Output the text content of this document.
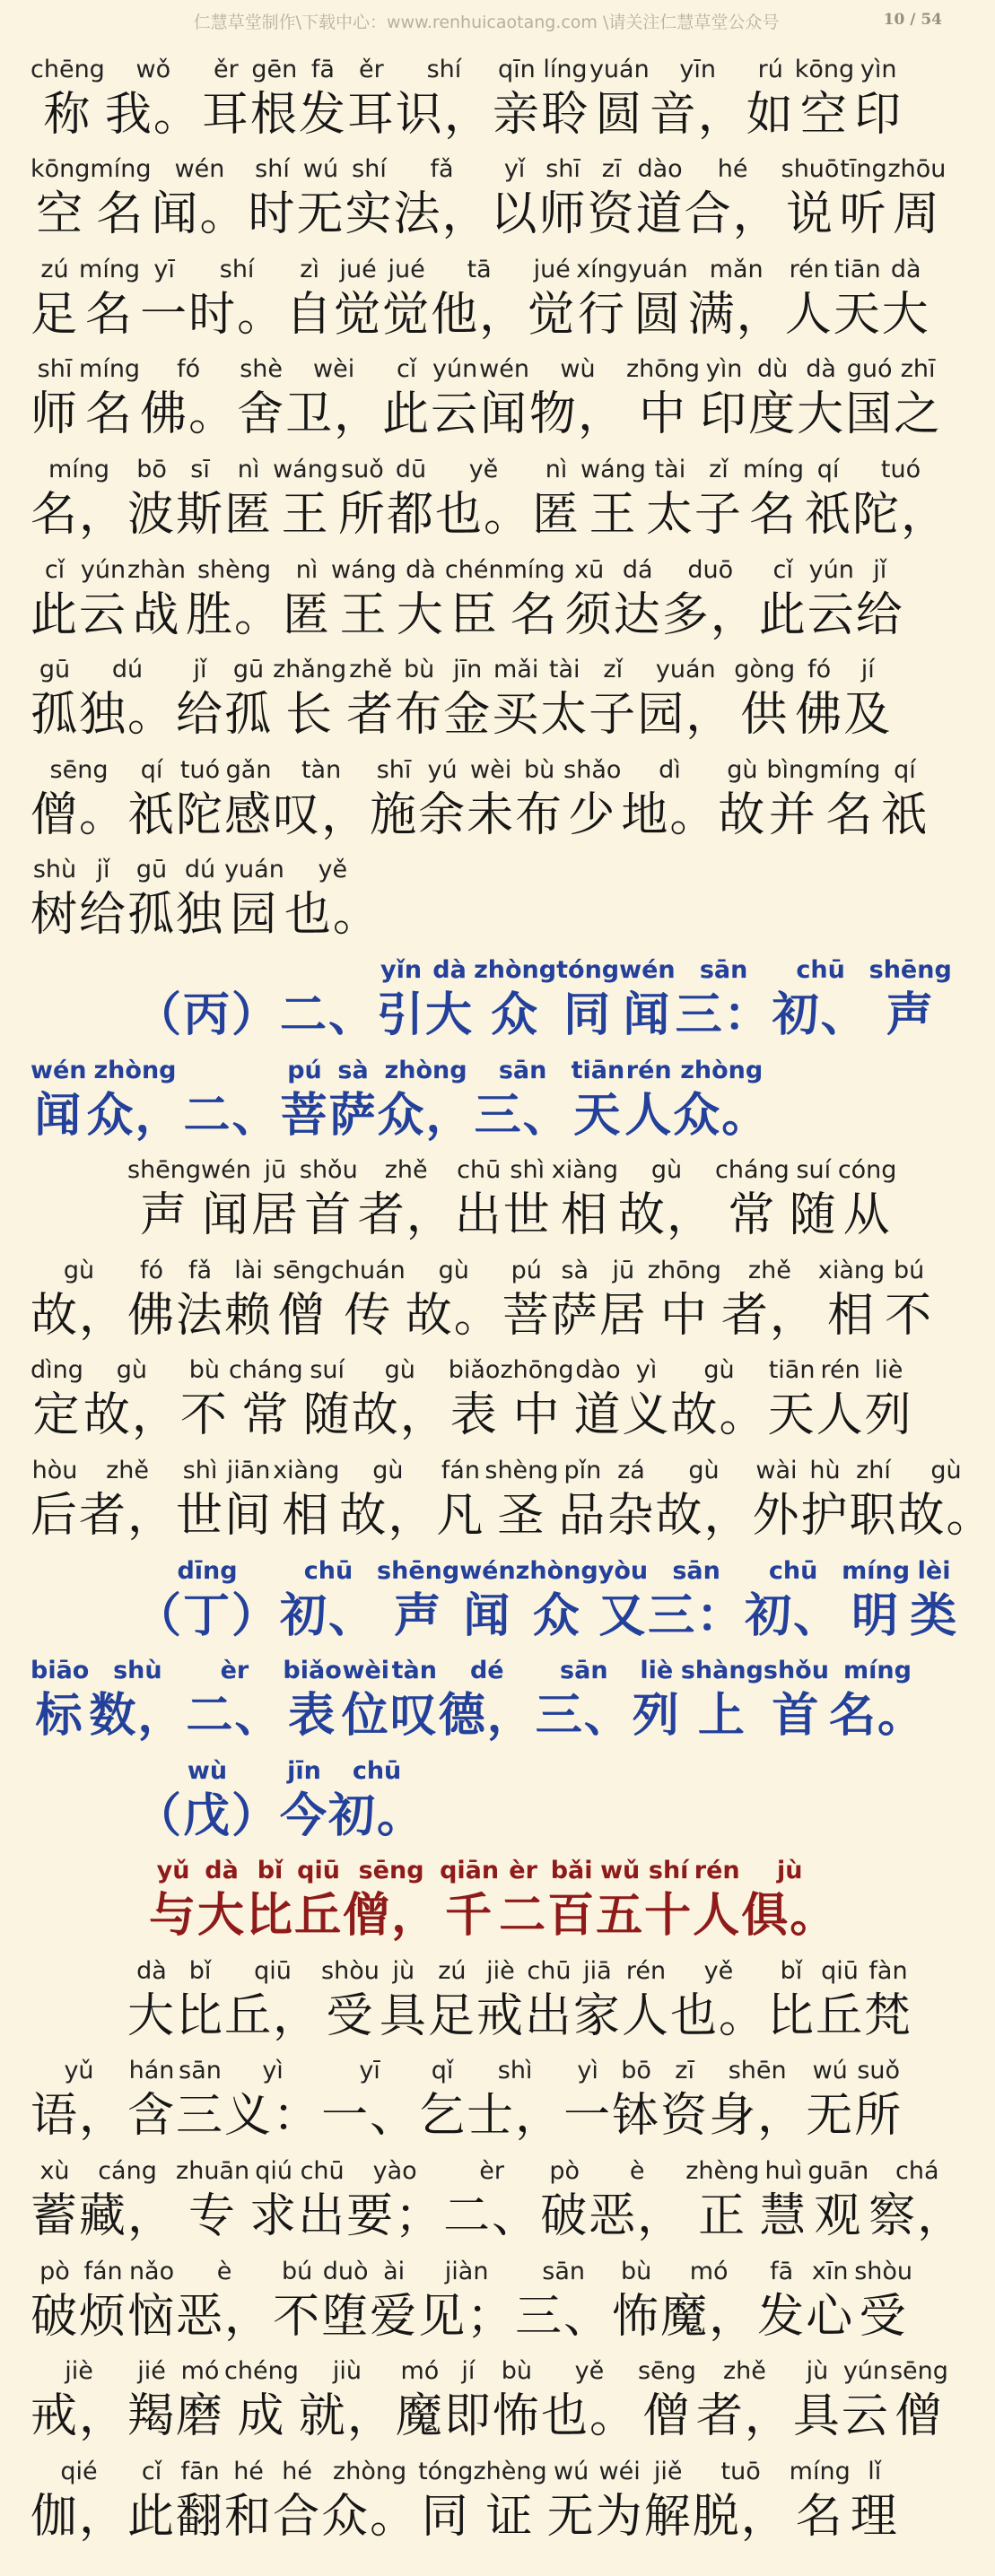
仁慧草堂制作\下载中心：www.renhuicaotang.com \请关注仁慧草堂公众号	10 / 54
称chēng
我。wǒ
耳ěr
根gēn
发fā
耳ěr
识，shí
亲qīn
聆líng
圆yuán
音，yīn
如rú
空kōng
印yìn
空kōng
名míng
闻。wén
时shí
无wú
实shí
法，fǎ
以yǐ
师shī
资zī
道dào
合，hé
说shuō
听tīng
周zhōu
足zú
名míng
一yī
时。shí
自zì
觉jué
觉jué
他，tā
觉jué
行xíng
圆yuán
满，mǎn
人rén
天tiān
大dà
师shī
名míng
佛。fó
舍shè
卫，wèi
此cǐ
云yún
闻wén
物，wù
中zhōng
印yìn
度dù
大dà
国guó
之zhī
名，míng
波bō
斯sī
匿nì
王wáng
所suǒ
都dū
也。yě
匿nì
王wáng
太tài
子zǐ
名míng
祇qí
陀，tuó
此cǐ
云yún
战zhàn
胜。shèng
匿nì
王wáng
大dà
臣chén
名míng
须xū
达dá
多，duō
此cǐ
云yún
给jǐ
孤gū
独。dú
给jǐ
孤gū
长zhǎng
者zhě
布bù
金jīn
买mǎi
太tài
子zǐ
园，yuán
供gòng
佛fó
及jí
僧。sēng
祇qí
陀tuó
感gǎn
叹，tàn
施shī
余yú
未wèi
布bù
少shǎo
地。dì
故gù
并bìng
名míng
祇qí
树shù
给jǐ
孤gū
独dú
园yuán
也。yě
（丙） 二、 引yǐn
大dà
众zhòng
同tóng
闻wén
三：sān
初、chū
声shēng
闻wén
众，zhòng
二、 菩pú
萨sà
众，zhòng
三、sān
天tiān
人rén
众。zhòng
声shēng
闻wén
居jū
首shǒu
者，zhě
出chū
世shì
相xiàng
故，gù
常cháng
随suí
从cóng
故，gù
佛fó
法fǎ
赖lài
僧sēng
传chuán
故。gù
菩pú
萨sà
居jū
中zhōng
者，zhě
相xiàng
不bú
定dìng
故，gù
不bù
常cháng
随suí
故，gù
表biǎo
中zhōng
道dào
义yì
故。gù
天tiān
人rén
列liè
后hòu
者，zhě
世shì
间jiān
相xiàng
故，gù
凡fán
圣shèng
品pǐn
杂zá
故，gù
外wài
护hù
职zhí
故。gù
（丁）dīng
初、chū
声shēng
闻wén
众zhòng
又yòu
三：sān
初、chū
明míng
类lèi
标biāo
数，shù
二、èr
表biǎo
位wèi
叹tàn
德，dé
三、sān
列liè
上shàng
首shǒu
名。míng
（戊）wù
今jīn
初。chū
与yǔ
大dà
比bǐ
丘qiū
僧，sēng
千qiān
二èr
百bǎi
五wǔ
十shí
人rén
俱。jù
大dà
比bǐ
丘，qiū
受shòu
具jù
足zú
戒jiè
出chū
家jiā
人rén
也。yě
比bǐ
丘qiū
梵fàn
语，yǔ
含hán
三sān
义：yì
一、yī
乞qǐ
士，shì
一yì
钵bō
资zī
身，shēn
无wú
所suǒ
蓄xù
藏，cáng
专zhuān
求qiú
出chū
要；yào
二、èr
破pò
恶，è
正zhèng
慧huì
观guān
察，chá
破pò
烦fán
恼nǎo
恶，è
不bú
堕duò
爱ài
见；jiàn
三、sān
怖bù
魔，mó
发fā
心xīn
受shòu
戒，jiè
羯jié
磨mó
成chéng
就，jiù
魔mó
即jí
怖bù
也。yě
僧sēng
者，zhě
具jù
云yún
僧sēng
伽，qié
此cǐ
翻fān
和hé
合hé
众。zhòng
同tóng
证zhèng
无wú
为wéi
解jiě
脱，tuō
名míng
理lǐ
